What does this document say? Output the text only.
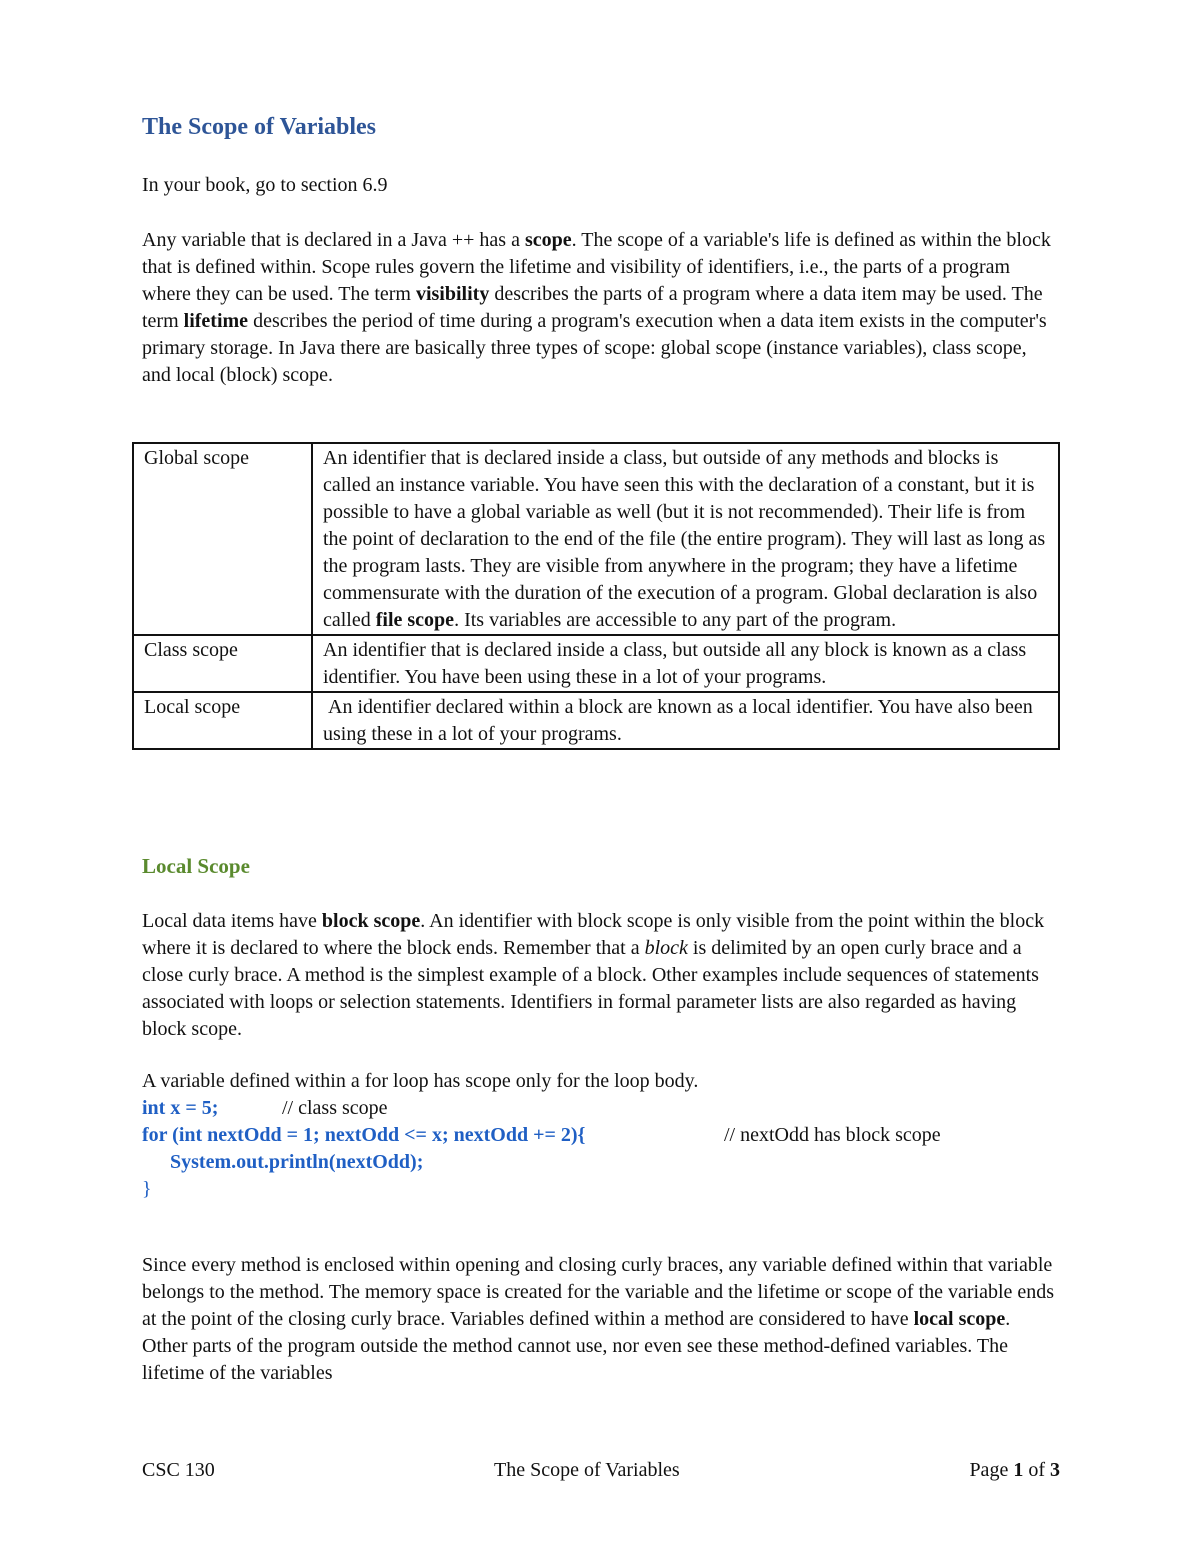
The Scope of Variables

In your book, go to section 6.9

Any variable that is declared in a Java ++ has a scope. The scope of a variable's life is defined as within the block that is defined within. Scope rules govern the lifetime and visibility of identifiers, i.e., the parts of a program where they can be used. The term visibility describes the parts of a program where a data item may be used. The term lifetime describes the period of time during a program's execution when a data item exists in the computer's primary storage. In Java there are basically three types of scope: global scope (instance variables), class scope, and local (block) scope.

Global scope	An identifier that is declared inside a class, but outside of any methods and blocks is called an instance variable. You have seen this with the declaration of a constant, but it is possible to have a global variable as well (but it is not recommended). Their life is from the point of declaration to the end of the file (the entire program). They will last as long as the program lasts. They are visible from anywhere in the program; they have a lifetime commensurate with the duration of the execution of a program. Global declaration is also called file scope. Its variables are accessible to any part of the program.
Class scope	An identifier that is declared inside a class, but outside all any block is known as a class identifier. You have been using these in a lot of your programs.
Local scope	An identifier declared within a block are known as a local identifier. You have also been using these in a lot of your programs.
Local Scope

Local data items have block scope. An identifier with block scope is only visible from the point within the block where it is declared to where the block ends. Remember that a block is delimited by an open curly brace and a close curly brace. A method is the simplest example of a block. Other examples include sequences of statements associated with loops or selection statements. Identifiers in formal parameter lists are also regarded as having block scope.

A variable defined within a for loop has scope only for the loop body.

int x = 5;	// class scope
for (int nextOdd = 1; nextOdd <= x; nextOdd += 2){	// nextOdd has block scope
System.out.println(nextOdd);
}

Since every method is enclosed within opening and closing curly braces, any variable defined within that variable belongs to the method. The memory space is created for the variable and the lifetime or scope of the variable ends at the point of the closing curly brace. Variables defined within a method are considered to have local scope. Other parts of the program outside the method cannot use, nor even see these method-defined variables. The lifetime of the variables

CSC 130	The Scope of Variables	Page 1 of 3
